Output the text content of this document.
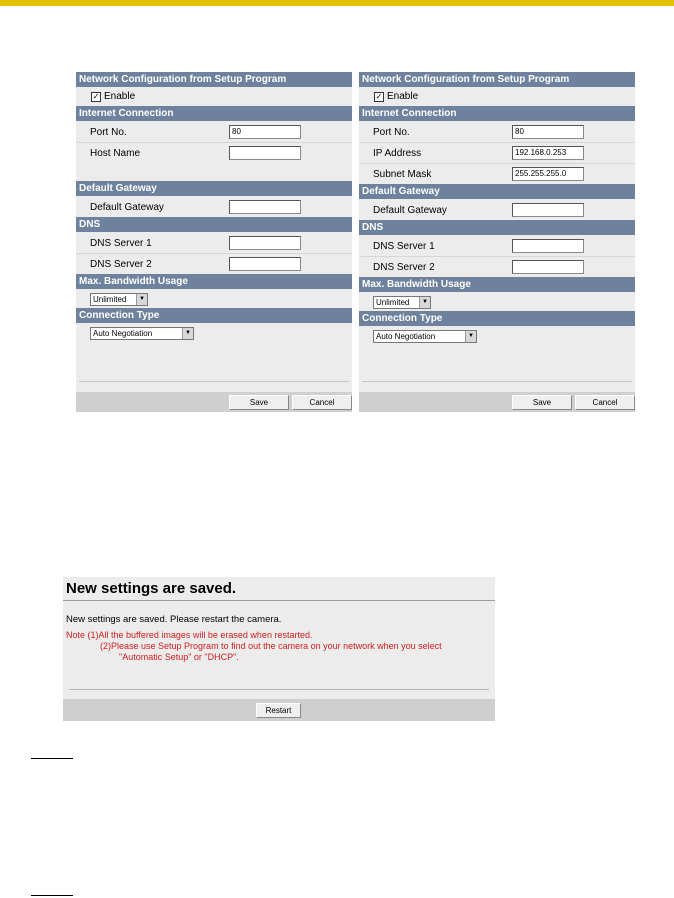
Network Configuration from Setup Program
✓ Enable
Internet Connection
Port No.	80
Host Name
Default Gateway
Default Gateway
DNS
DNS Server 1
DNS Server 2
Max. Bandwidth Usage
Unlimited	▼
Connection Type
Auto Negotiation	▼
Save	Cancel
Network Configuration from Setup Program
✓ Enable
Internet Connection
Port No.	80
IP Address	192.168.0.253
Subnet Mask	255.255.255.0
Default Gateway
Default Gateway
DNS
DNS Server 1
DNS Server 2
Max. Bandwidth Usage
Unlimited	▼
Connection Type
Auto Negotiation	▼
Save	Cancel
New settings are saved.
New settings are saved. Please restart the camera.
Note (1)All the buffered images will be erased when restarted.
(2)Please use Setup Program to find out the camera on your network when you select
"Automatic Setup" or "DHCP".
Restart
